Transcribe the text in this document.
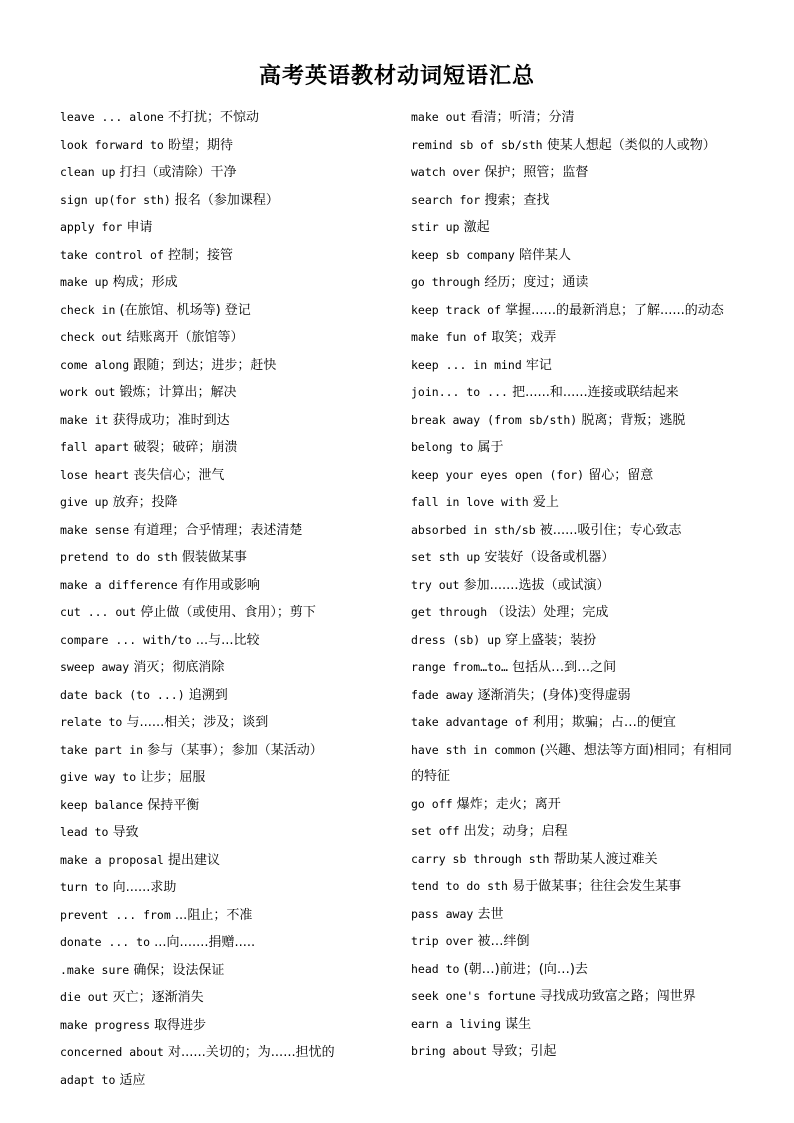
高考英语教材动词短语汇总
leave ... alone 不打扰；不惊动
look forward to 盼望；期待
clean up 打扫（或清除）干净
sign up(for sth) 报名（参加课程）
apply for 申请
take control of 控制；接管
make up 构成；形成
check in (在旅馆、机场等) 登记
check out 结账离开（旅馆等）
come along 跟随；到达；进步；赶快
work out 锻炼；计算出；解决
make it 获得成功；准时到达
fall apart 破裂；破碎；崩溃
lose heart 丧失信心；泄气
give up 放弃；投降
make sense 有道理；合乎情理；表述清楚
pretend to do sth 假装做某事
make a difference 有作用或影响
cut ... out 停止做（或使用、食用）；剪下
compare ... with/to ...与...比较
sweep away 消灭；彻底消除
date back (to ...) 追溯到
relate to 与......相关；涉及；谈到
take part in 参与（某事）；参加（某活动）
give way to 让步；屈服
keep balance 保持平衡
lead to 导致
make a proposal 提出建议
turn to 向......求助
prevent ... from ...阻止；不准
donate ... to ...向.......捐赠.....
.make sure 确保；设法保证
die out 灭亡；逐渐消失
make progress 取得进步
concerned about 对......关切的；为......担忧的
adapt to 适应
make out 看清；听清；分清
remind sb of sb/sth 使某人想起（类似的人或物）
watch over 保护；照管；监督
search for 搜索；查找
stir up 激起
keep sb company 陪伴某人
go through 经历；度过；通读
keep track of 掌握......的最新消息；了解......的动态
make fun of 取笑；戏弄
keep ... in mind 牢记
join... to ... 把......和......连接或联结起来
break away (from sb/sth) 脱离；背叛；逃脱
belong to 属于
keep your eyes open (for) 留心；留意
fall in love with 爱上
absorbed in sth/sb 被......吸引住；专心致志
set sth up 安装好（设备或机器）
try out 参加.......选拔（或试演）
get through （设法）处理；完成
dress (sb) up 穿上盛装；装扮
range from…to… 包括从…到…之间
fade away 逐渐消失；(身体)变得虚弱
take advantage of 利用；欺骗；占…的便宜
have sth in common (兴趣、想法等方面)相同；有相同的特征
go off 爆炸；走火；离开
set off 出发；动身；启程
carry sb through sth 帮助某人渡过难关
tend to do sth 易于做某事；往往会发生某事
pass away 去世
trip over 被…绊倒
head to (朝…)前进；(向…)去
seek one's fortune 寻找成功致富之路；闯世界
earn a living 谋生
bring about 导致；引起
